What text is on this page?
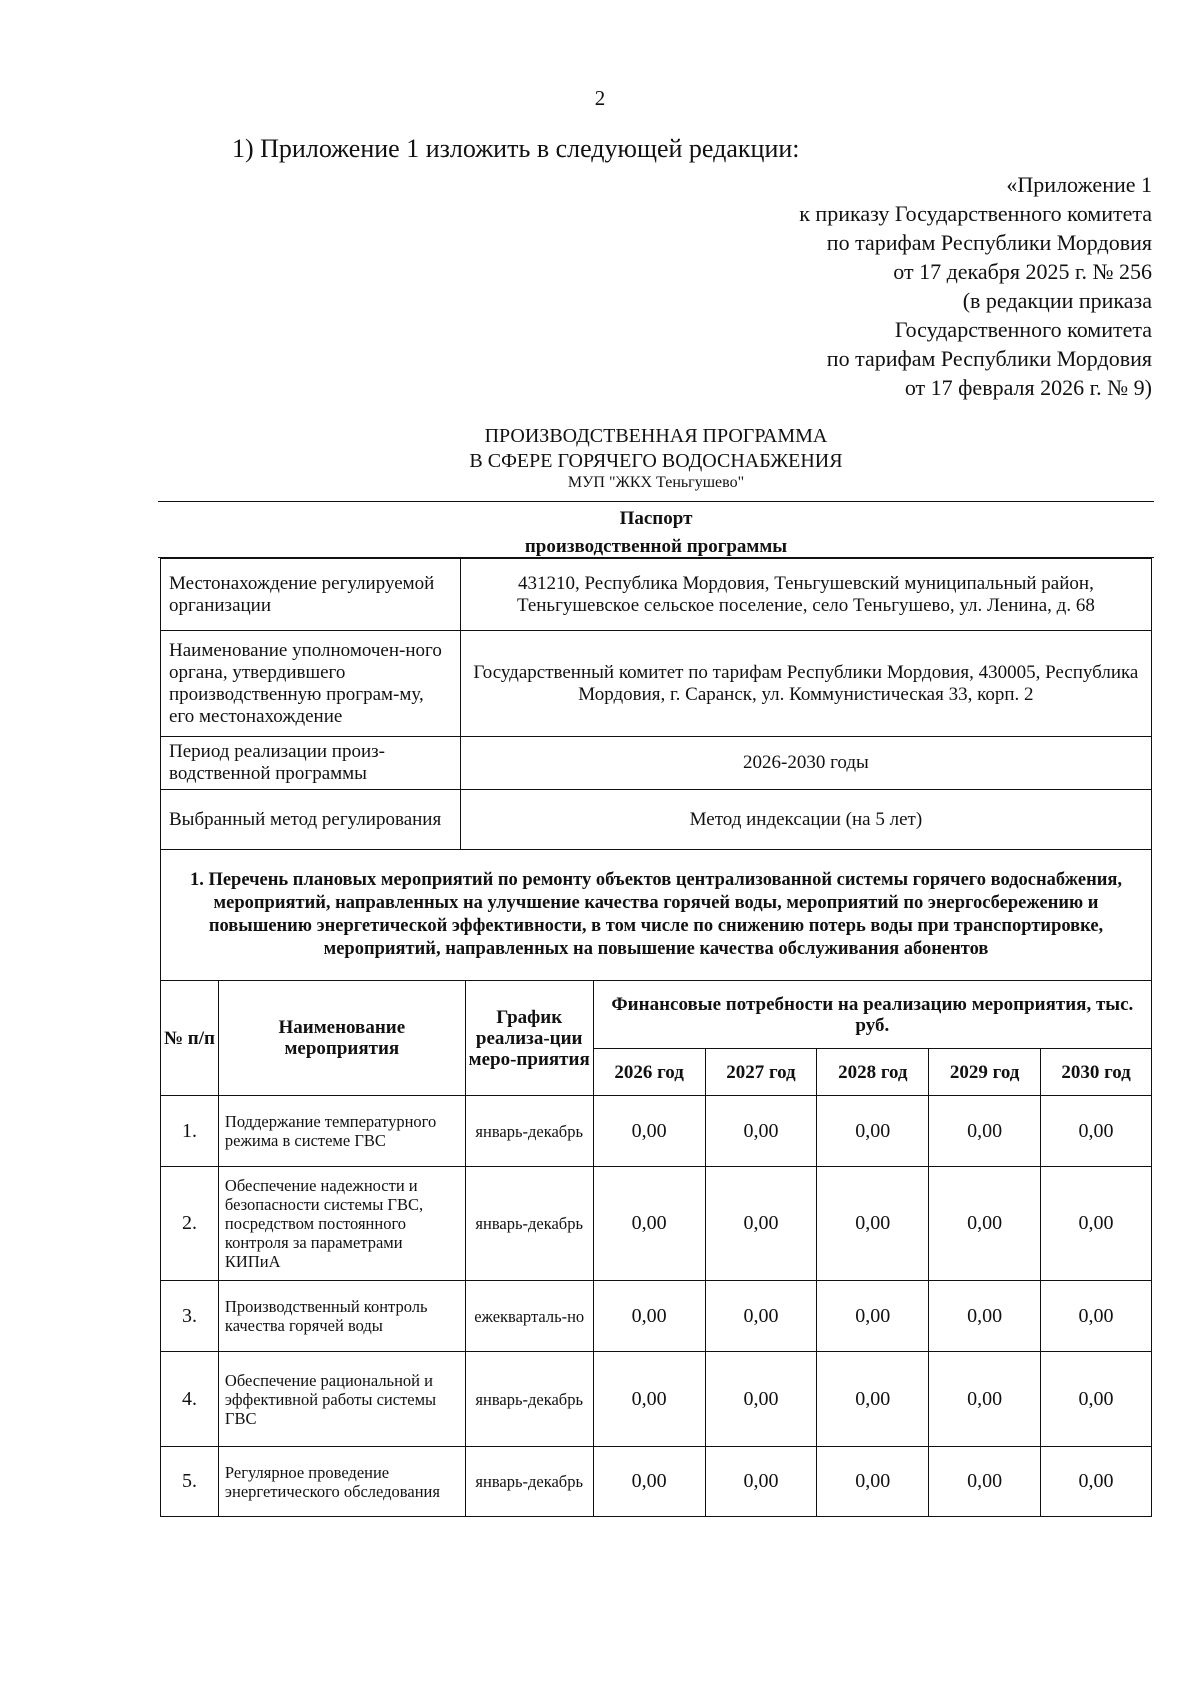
2
1) Приложение 1 изложить в следующей редакции:
«Приложение 1
к приказу Государственного комитета
по тарифам Республики Мордовия
от 17 декабря 2025 г. № 256
(в редакции приказа
Государственного комитета
по тарифам Республики Мордовия
от 17 февраля 2026 г. № 9)
ПРОИЗВОДСТВЕННАЯ ПРОГРАММА
В СФЕРЕ ГОРЯЧЕГО ВОДОСНАБЖЕНИЯ
МУП "ЖКХ Теньгушево"
Паспорт
производственной программы
Местонахождение регулируемой организации	431210, Республика Мордовия, Теньгушевский муниципальный район, Теньгушевское сельское поселение, село Теньгушево, ул. Ленина, д. 68
Наименование уполномочен-ного органа, утвердившего производственную програм-му, его местонахождение	Государственный комитет по тарифам Республики Мордовия, 430005, Республика Мордовия, г. Саранск, ул. Коммунистическая 33, корп. 2
Период реализации произ-водственной программы	2026-2030 годы
Выбранный метод регулирования	Метод индексации (на 5 лет)
1. Перечень плановых мероприятий по ремонту объектов централизованной системы горячего водоснабжения, мероприятий, направленных на улучшение качества горячей воды, мероприятий по энергосбережению и повышению энергетической эффективности, в том числе по снижению потерь воды при транспортировке, мероприятий, направленных на повышение качества обслуживания абонентов							
№ п/п	Наименование мероприятия	График реализа-ции меро-приятия	Финансовые потребности на реализацию мероприятия, тыс. руб.				
			2026 год	2027 год	2028 год	2029 год	2030 год
1.	Поддержание температурного режима в системе ГВС	январь-декабрь	0,00	0,00	0,00	0,00	0,00
2.	Обеспечение надежности и безопасности системы ГВС, посредством постоянного контроля за параметрами КИПиА	январь-декабрь	0,00	0,00	0,00	0,00	0,00
3.	Производственный контроль качества горячей воды	ежекварталь-но	0,00	0,00	0,00	0,00	0,00
4.	Обеспечение рациональной и эффективной работы системы ГВС	январь-декабрь	0,00	0,00	0,00	0,00	0,00
5.	Регулярное проведение энергетического обследования	январь-декабрь	0,00	0,00	0,00	0,00	0,00
